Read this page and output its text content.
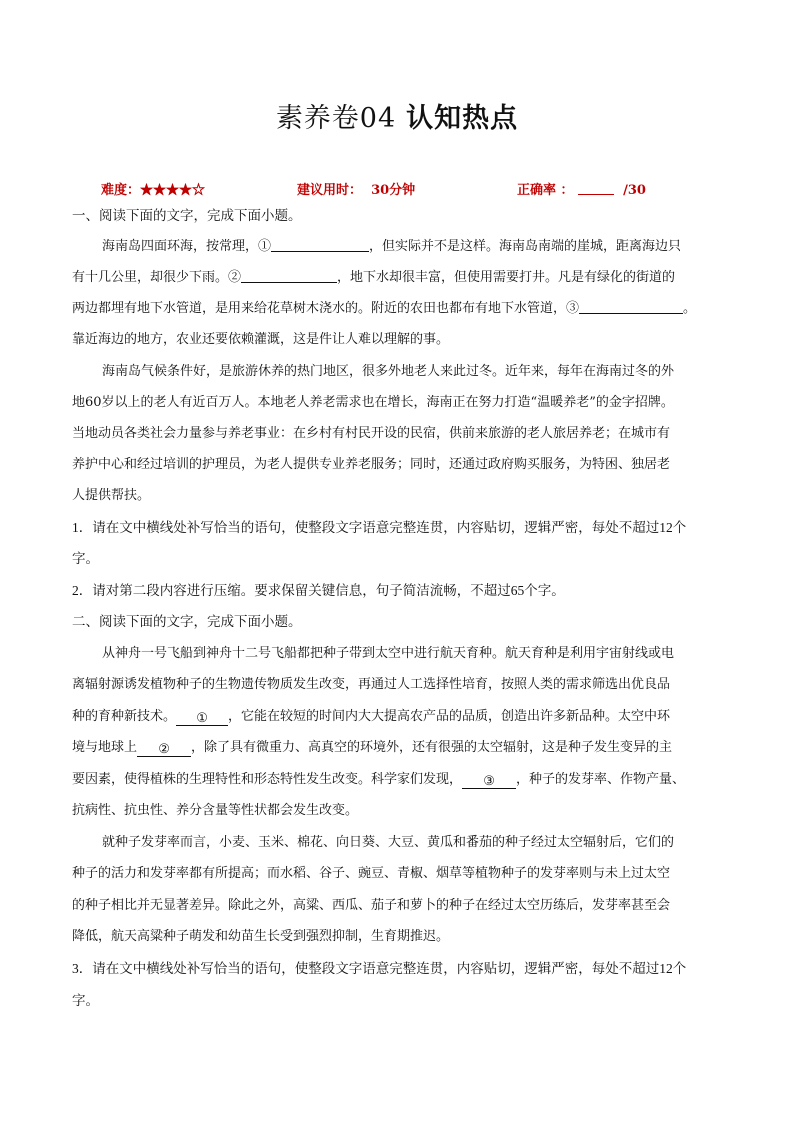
素养卷04 认知热点
难度：★★★★☆	建议用时： 30分钟	正确率 ：	/30
一、阅读下面的文字，完成下面小题。
海南岛四面环海，按常理，①	，但实际并不是这样。海南岛南端的崖城，距离海边只
有十几公里，却很少下雨。②	，地下水却很丰富，但使用需要打井。凡是有绿化的街道的
两边都埋有地下水管道，是用来给花草树木浇水的。附近的农田也都布有地下水管道，③	。
靠近海边的地方，农业还要依赖灌溉，这是件让人难以理解的事。
海南岛气候条件好，是旅游休养的热门地区，很多外地老人来此过冬。近年来，每年在海南过冬的外
地60岁以上的老人有近百万人。本地老人养老需求也在增长，海南正在努力打造“温暖养老”的金字招牌。
当地动员各类社会力量参与养老事业：在乡村有村民开设的民宿，供前来旅游的老人旅居养老；在城市有
养护中心和经过培训的护理员，为老人提供专业养老服务；同时，还通过政府购买服务，为特困、独居老
人提供帮扶。
1．请在文中横线处补写恰当的语句，使整段文字语意完整连贯，内容贴切，逻辑严密，每处不超过12个
字。
2．请对第二段内容进行压缩。要求保留关键信息，句子简洁流畅，不超过65个字。
二、阅读下面的文字，完成下面小题。
从神舟一号飞船到神舟十二号飞船都把种子带到太空中进行航天育种。航天育种是利用宇宙射线或电
离辐射源诱发植物种子的生物遗传物质发生改变，再通过人工选择性培育，按照人类的需求筛选出优良品
种的育种新技术。 ① ，它能在较短的时间内大大提高农产品的品质，创造出许多新品种。太空中环
境与地球上 ② ，除了具有微重力、高真空的环境外，还有很强的太空辐射，这是种子发生变异的主
要因素，使得植株的生理特性和形态特性发生改变。科学家们发现， ③ ，种子的发芽率、作物产量、
抗病性、抗虫性、养分含量等性状都会发生改变。
就种子发芽率而言，小麦、玉米、棉花、向日葵、大豆、黄瓜和番茄的种子经过太空辐射后，它们的
种子的活力和发芽率都有所提高；而水稻、谷子、豌豆、青椒、烟草等植物种子的发芽率则与未上过太空
的种子相比并无显著差异。除此之外，高粱、西瓜、茄子和萝卜的种子在经过太空历练后，发芽率甚至会
降低，航天高粱种子萌发和幼苗生长受到强烈抑制，生育期推迟。
3．请在文中横线处补写恰当的语句，使整段文字语意完整连贯，内容贴切，逻辑严密，每处不超过12个
字。
